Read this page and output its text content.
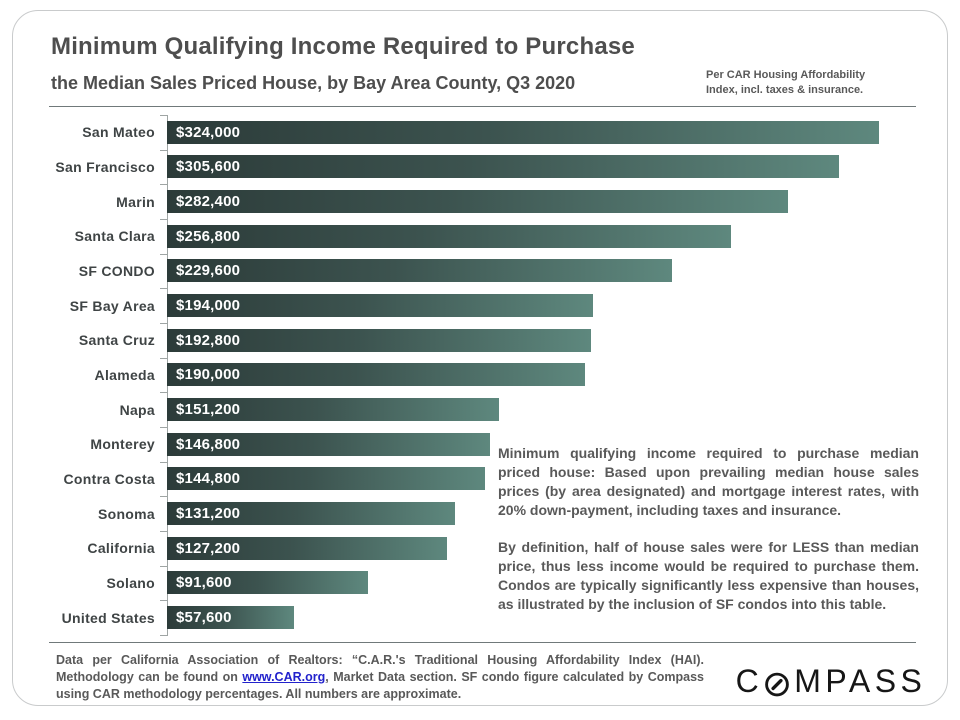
Minimum Qualifying Income Required to Purchase
the Median Sales Priced House, by Bay Area County, Q3 2020	Per CAR Housing Affordability
Index, incl. taxes & insurance.
San Mateo	$324,000
San Francisco	$305,600
Marin	$282,400
Santa Clara	$256,800
SF CONDO	$229,600
SF Bay Area	$194,000
Santa Cruz	$192,800
Alameda	$190,000
Napa	$151,200
Monterey	$146,800
Contra Costa	$144,800
Sonoma	$131,200
California	$127,200
Solano	$91,600
United States	$57,600

Minimum qualifying income required to purchase median priced house: Based upon prevailing median house sales prices (by area designated) and mortgage interest rates, with 20% down-payment, including taxes and insurance.

By definition, half of house sales were for LESS than median price, thus less income would be required to purchase them. Condos are typically significantly less expensive than houses, as illustrated by the inclusion of SF condos into this table.

Data per California Association of Realtors: “C.A.R.'s Traditional Housing Affordability Index (HAI). Methodology can be found on www.CAR.org, Market Data section. SF condo figure calculated by Compass using CAR methodology percentages. All numbers are approximate.	C MPASS
